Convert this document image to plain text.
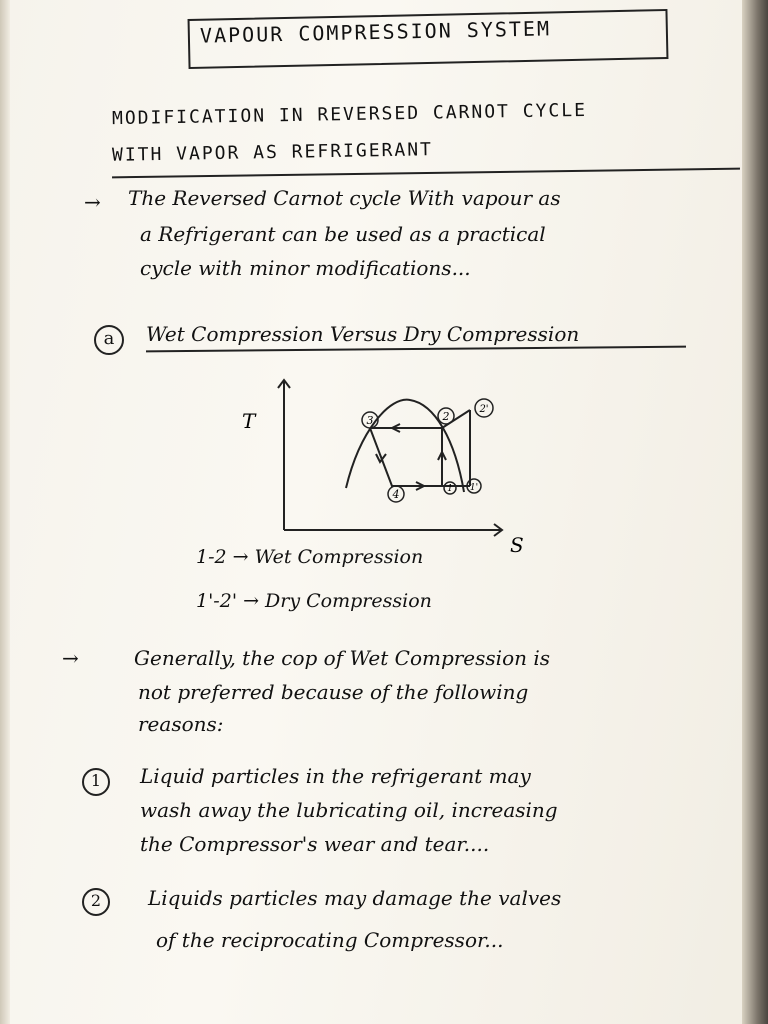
VAPOUR COMPRESSION SYSTEM
MODIFICATION IN REVERSED CARNOT CYCLE
WITH VAPOR AS REFRIGERANT
→ The Reversed Carnot cycle With vapour as
a Refrigerant can be used as a practical
cycle with minor modifications...
a	Wet Compression Versus Dry Compression
3	2
2'
4	1 1'
T
S
1-2 → Wet Compression
1'-2' → Dry Compression
→	Generally, the cop of Wet Compression is
not preferred because of the following
reasons:
1	Liquid particles in the refrigerant may
wash away the lubricating oil, increasing
the Compressor's wear and tear....
2	Liquids particles may damage the valves
of the reciprocating Compressor...
